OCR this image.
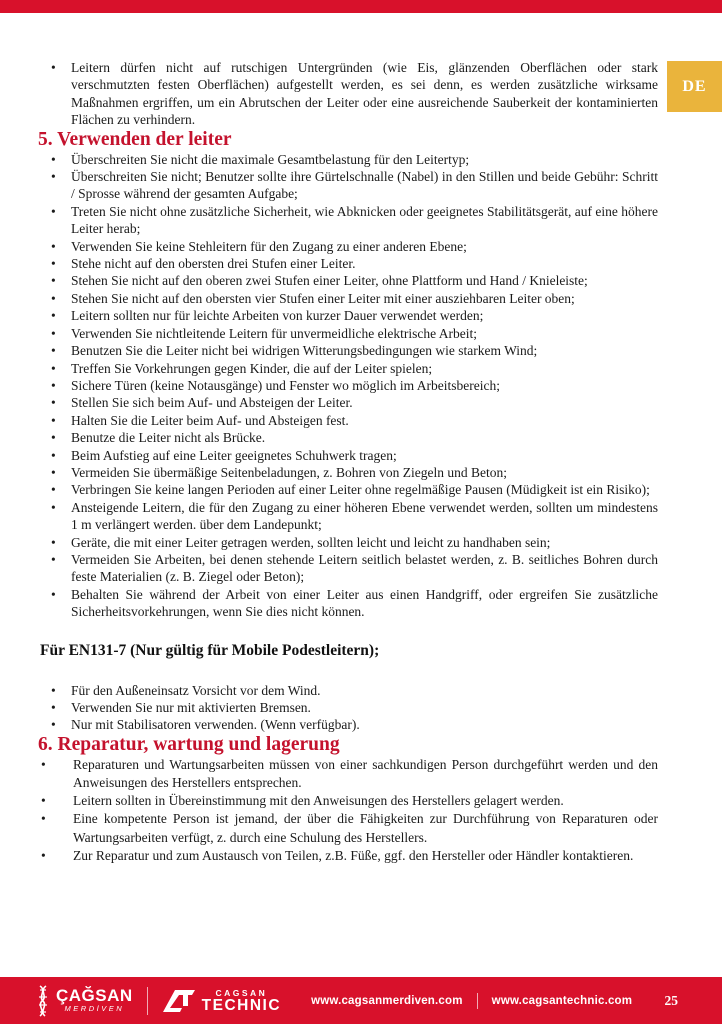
DE
•	Leitern dürfen nicht auf rutschigen Untergründen (wie Eis, glänzenden Oberflächen oder stark verschmutzten festen Oberflächen) aufgestellt werden, es sei denn, es werden zusätzliche wirksame Maßnahmen ergriffen, um ein Abrutschen der Leiter oder eine ausreichende Sauberkeit der kontaminierten Flächen zu verhindern.
5. Verwenden der leiter
•	Überschreiten Sie nicht die maximale Gesamtbelastung für den Leitertyp;
•	Überschreiten Sie nicht; Benutzer sollte ihre Gürtelschnalle (Nabel) in den Stillen und beide Gebühr: Schritt / Sprosse während der gesamten Aufgabe;
•	Treten Sie nicht ohne zusätzliche Sicherheit, wie Abknicken oder geeignetes Stabilitätsgerät, auf eine höhere Leiter herab;
•	Verwenden Sie keine Stehleitern für den Zugang zu einer anderen Ebene;
•	Stehe nicht auf den obersten drei Stufen einer Leiter.
•	Stehen Sie nicht auf den oberen zwei Stufen einer Leiter, ohne Plattform und Hand / Knieleiste;
•	Stehen Sie nicht auf den obersten vier Stufen einer Leiter mit einer ausziehbaren Leiter oben;
•	Leitern sollten nur für leichte Arbeiten von kurzer Dauer verwendet werden;
•	Verwenden Sie nichtleitende Leitern für unvermeidliche elektrische Arbeit;
•	Benutzen Sie die Leiter nicht bei widrigen Witterungsbedingungen wie starkem Wind;
•	Treffen Sie Vorkehrungen gegen Kinder, die auf der Leiter spielen;
•	Sichere Türen (keine Notausgänge) und Fenster wo möglich im Arbeitsbereich;
•	Stellen Sie sich beim Auf- und Absteigen der Leiter.
•	Halten Sie die Leiter beim Auf- und Absteigen fest.
•	Benutze die Leiter nicht als Brücke.
•	Beim Aufstieg auf eine Leiter geeignetes Schuhwerk tragen;
•	Vermeiden Sie übermäßige Seitenbeladungen, z. Bohren von Ziegeln und Beton;
•	Verbringen Sie keine langen Perioden auf einer Leiter ohne regelmäßige Pausen (Müdigkeit ist ein Risiko);
•	Ansteigende Leitern, die für den Zugang zu einer höheren Ebene verwendet werden, sollten um mindestens 1 m verlängert werden. über dem Landepunkt;
•	Geräte, die mit einer Leiter getragen werden, sollten leicht und leicht zu handhaben sein;
•	Vermeiden Sie Arbeiten, bei denen stehende Leitern seitlich belastet werden, z. B. seitliches Bohren durch feste Materialien (z. B. Ziegel oder Beton);
•	Behalten Sie während der Arbeit von einer Leiter aus einen Handgriff, oder ergreifen Sie zusätzliche Sicherheitsvorkehrungen, wenn Sie dies nicht können.
Für EN131-7 (Nur gültig für Mobile Podestleitern);
•	Für den Außeneinsatz Vorsicht vor dem Wind.
•	Verwenden Sie nur mit aktivierten Bremsen.
•	Nur mit Stabilisatoren verwenden. (Wenn verfügbar).
6. Reparatur, wartung und lagerung
•	Reparaturen und Wartungsarbeiten müssen von einer sachkundigen Person durchgeführt werden und den Anweisungen des Herstellers entsprechen.
•	Leitern sollten in Übereinstimmung mit den Anweisungen des Herstellers gelagert werden.
•	Eine kompetente Person ist jemand, der über die Fähigkeiten zur Durchführung von Reparaturen oder Wartungsarbeiten verfügt, z. durch eine Schulung des Herstellers.
•	Zur Reparatur und zum Austausch von Teilen, z.B. Füße, ggf. den Hersteller oder Händler kontaktieren.
ÇAĞSAN
MERDİVEN
CAGSAN
TECHNIC	www.cagsanmerdiven.com	www.cagsantechnic.com 25
